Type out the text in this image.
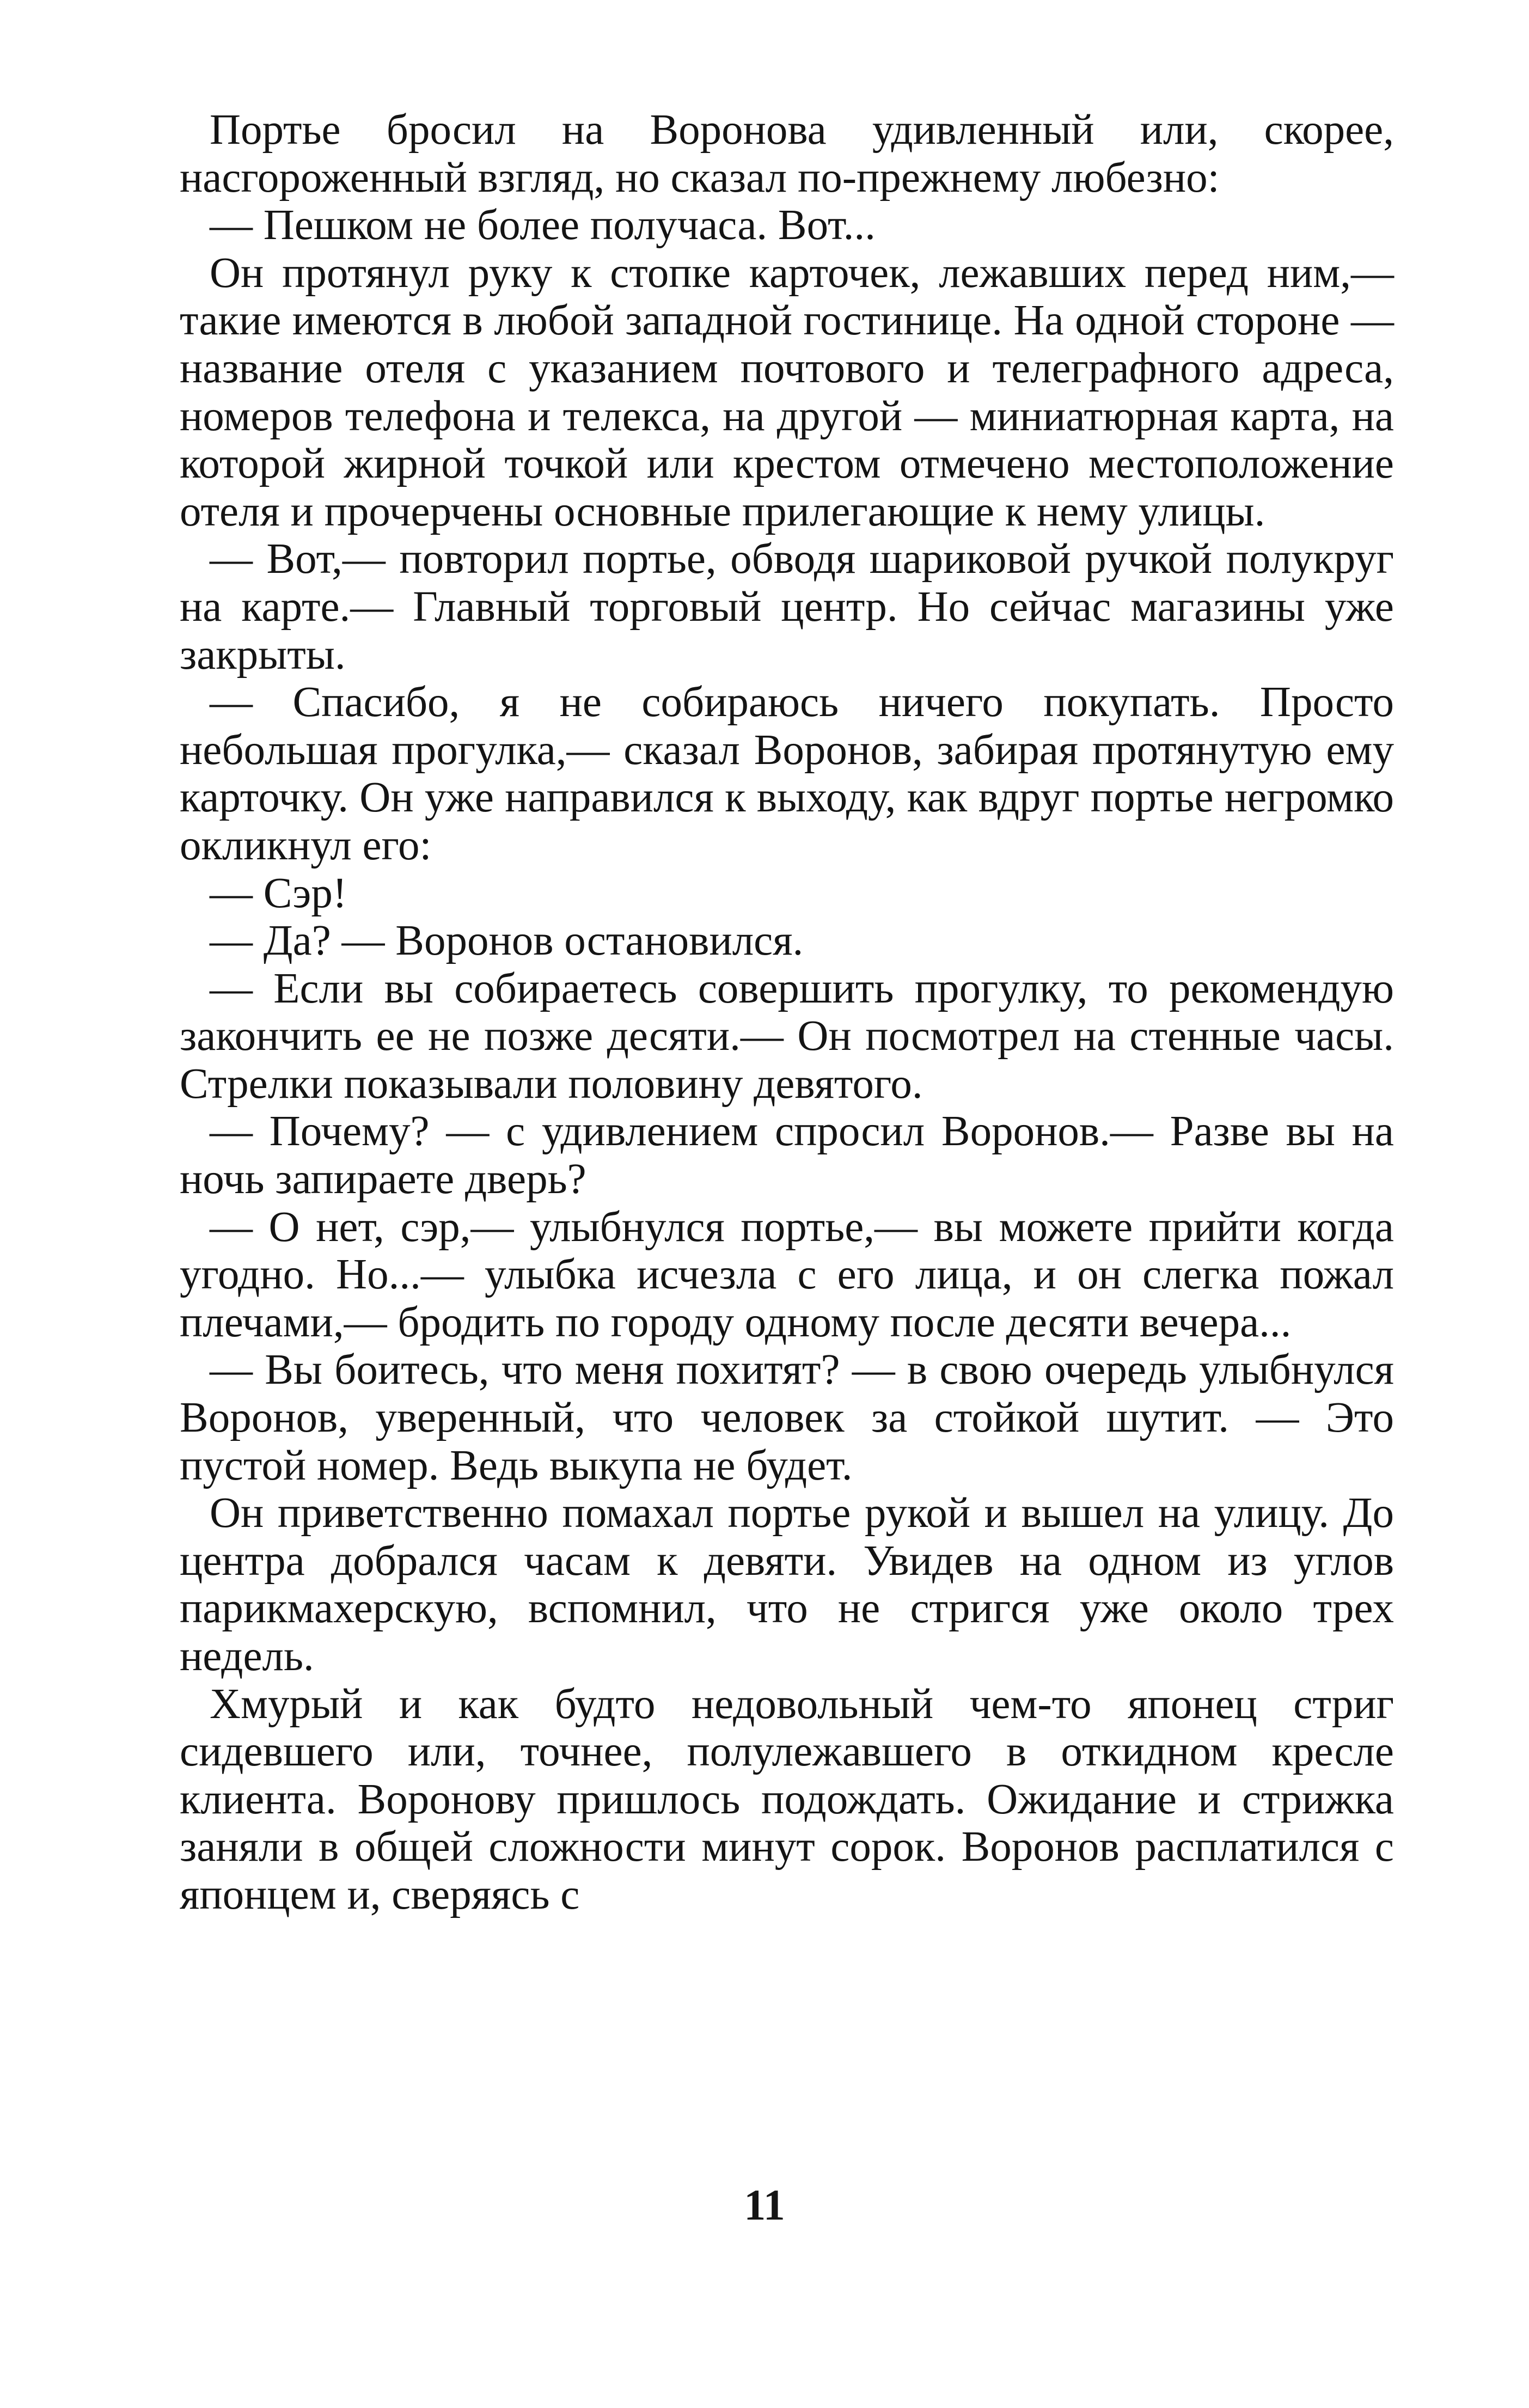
Портье бросил на Воронова удивленный или, скорее, насгороженный взгляд, но сказал по-прежнему любезно:

— Пешком не более получаса. Вот...

Он протянул руку к стопке карточек, лежавших перед ним,— такие имеются в любой западной гостинице. На одной стороне — название отеля с указанием почтового и телеграфного адреса, номеров телефона и телекса, на другой — миниатюрная карта, на которой жирной точкой или крестом отмечено местоположение отеля и прочерчены основные прилегающие к нему улицы.

— Вот,— повторил портье, обводя шариковой ручкой полукруг на карте.— Главный торговый центр. Но сейчас магазины уже закрыты.

— Спасибо, я не собираюсь ничего покупать. Просто небольшая прогулка,— сказал Воронов, забирая протянутую ему карточку. Он уже направился к выходу, как вдруг портье негромко окликнул его:

— Сэр!

— Да? — Воронов остановился.

— Если вы собираетесь совершить прогулку, то рекомендую закончить ее не позже десяти.— Он посмотрел на стенные часы. Стрелки показывали половину девятого.

— Почему? — с удивлением спросил Воронов.— Разве вы на ночь запираете дверь?

— О нет, сэр,— улыбнулся портье,— вы можете прийти когда угодно. Но...— улыбка исчезла с его лица, и он слегка пожал плечами,— бродить по городу одному после десяти вечера...

— Вы боитесь, что меня похитят? — в свою очередь улыбнулся Воронов, уверенный, что человек за стойкой шутит. — Это пустой номер. Ведь выкупа не будет.

Он приветственно помахал портье рукой и вышел на улицу. До центра добрался часам к девяти. Увидев на одном из углов парикмахерскую, вспомнил, что не стригся уже около трех недель.

Хмурый и как будто недовольный чем-то японец стриг сидевшего или, точнее, полулежавшего в откидном кресле клиента. Воронову пришлось подождать. Ожидание и стрижка заняли в общей сложности минут сорок. Воронов расплатился с японцем и, сверяясь с

11
